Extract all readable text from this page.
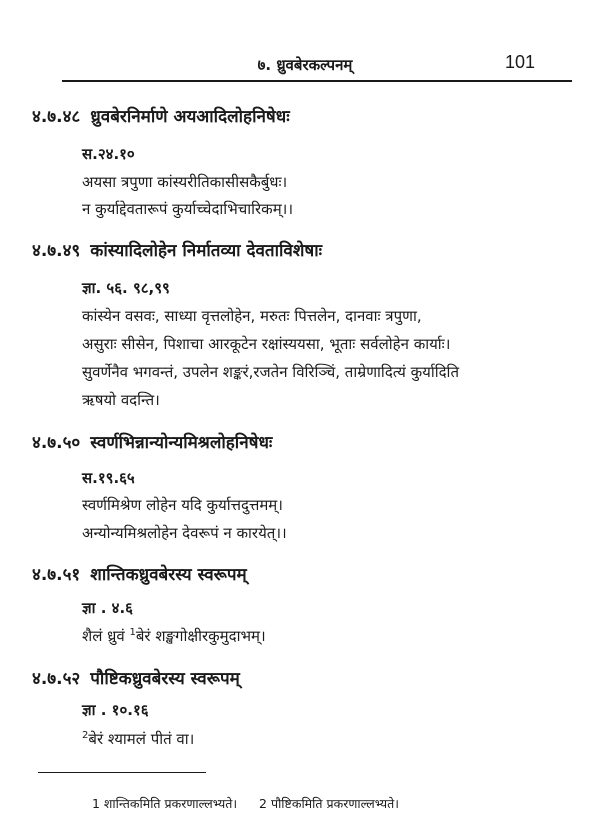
७. ध्रुवबेरकल्पनम्	101
४.७.४८ ध्रुवबेरनिर्माणे अयआदिलोहनिषेधः
स.२४.१०
अयसा त्रपुणा कांस्यरीतिकासीसकैर्बुधः।
न कुर्याद्देवतारूपं कुर्याच्चेदाभिचारिकम्।।
४.७.४९ कांस्यादिलोहेन निर्मातव्या देवताविशेषाः
ज्ञा. ५६. ९८,९९
कांस्येन वसवः, साध्या वृत्तलोहेन, मरुतः पित्तलेन, दानवाः त्रपुणा,
असुराः सीसेन, पिशाचा आरकूटेन रक्षांस्ययसा, भूताः सर्वलोहेन कार्याः।
सुवर्णेनैव भगवन्तं, उपलेन शङ्करं,रजतेन विरिञ्चिं, ताम्रेणादित्यं कुर्यादिति
ऋषयो वदन्ति।
४.७.५० स्वर्णभिन्नान्योन्यमिश्रलोहनिषेधः
स.१९.६५
स्वर्णमिश्रेण लोहेन यदि कुर्यात्तदुत्तमम्।
अन्योन्यमिश्रलोहेन देवरूपं न कारयेत्।।
४.७.५१ शान्तिकध्रुवबेरस्य स्वरूपम्
ज्ञा . ४.६
शैलं ध्रुवं $^1$बेरं शङ्खगोक्षीरकुमुदाभम्।
४.७.५२ पौष्टिकध्रुवबेरस्य स्वरूपम्
ज्ञा . १०.१६
$^2$बेरं श्यामलं पीतं वा।
1 शान्तिकमिति प्रकरणाल्लभ्यते। 2 पौष्टिकमिति प्रकरणाल्लभ्यते।
